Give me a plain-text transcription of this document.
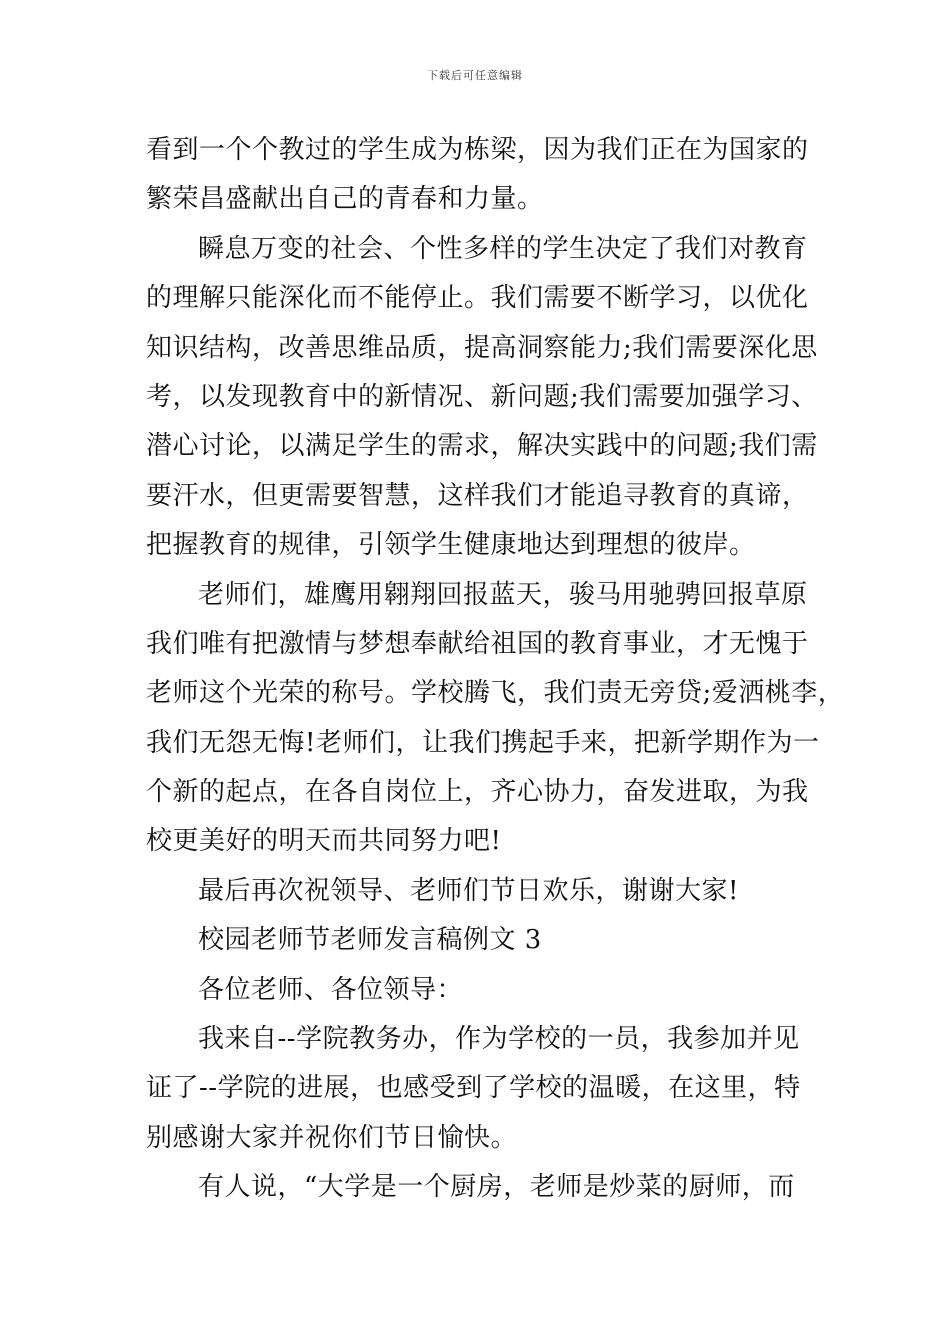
下载后可任意编辑
看到一个个教过的学生成为栋梁，因为我们正在为国家的
繁荣昌盛献出自己的青春和力量。
瞬息万变的社会、个性多样的学生决定了我们对教育
的理解只能深化而不能停止。我们需要不断学习，以优化
知识结构，改善思维品质，提高洞察能力;我们需要深化思
考，以发现教育中的新情况、新问题;我们需要加强学习、
潜心讨论，以满足学生的需求，解决实践中的问题;我们需
要汗水，但更需要智慧，这样我们才能追寻教育的真谛，
把握教育的规律，引领学生健康地达到理想的彼岸。
老师们，雄鹰用翱翔回报蓝天，骏马用驰骋回报草原
我们唯有把激情与梦想奉献给祖国的教育事业，才无愧于
老师这个光荣的称号。学校腾飞，我们责无旁贷;爱洒桃李，
我们无怨无悔!老师们，让我们携起手来，把新学期作为一
个新的起点，在各自岗位上，齐心协力，奋发进取，为我
校更美好的明天而共同努力吧!
最后再次祝领导、老师们节日欢乐，谢谢大家!
校园老师节老师发言稿例文 3
各位老师、各位领导：
我来自--学院教务办，作为学校的一员，我参加并见
证了--学院的进展，也感受到了学校的温暖，在这里，特
别感谢大家并祝你们节日愉快。
有人说，“大学是一个厨房，老师是炒菜的厨师，而
